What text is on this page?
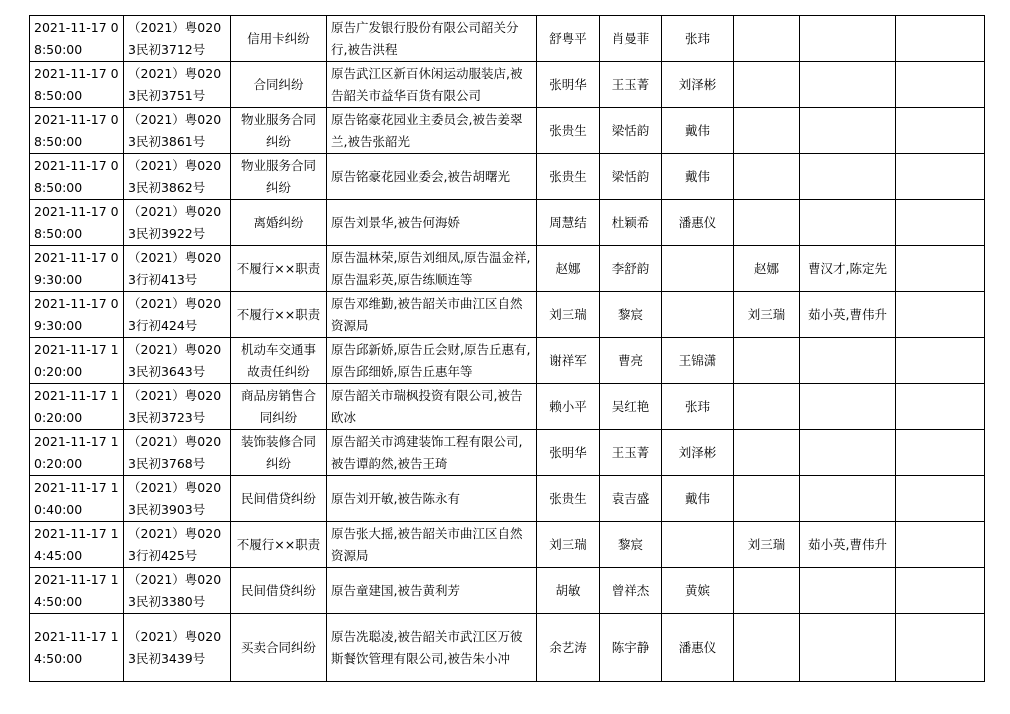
2021-11-17 08:50:00	（2021）粤0203民初3712号	信用卡纠纷	原告广发银行股份有限公司韶关分行,被告洪程	舒粤平	肖曼菲	张玮			
2021-11-17 08:50:00	（2021）粤0203民初3751号	合同纠纷	原告武江区新百休闲运动服装店,被告韶关市益华百货有限公司	张明华	王玉菁	刘泽彬			
2021-11-17 08:50:00	（2021）粤0203民初3861号	物业服务合同纠纷	原告铭豪花园业主委员会,被告姜翠兰,被告张韶光	张贵生	梁恬韵	戴伟			
2021-11-17 08:50:00	（2021）粤0203民初3862号	物业服务合同纠纷	原告铭豪花园业委会,被告胡曙光	张贵生	梁恬韵	戴伟			
2021-11-17 08:50:00	（2021）粤0203民初3922号	离婚纠纷	原告刘景华,被告何海娇	周慧结	杜颖希	潘惠仪			
2021-11-17 09:30:00	（2021）粤0203行初413号	不履行××职责	原告温林荣,原告刘细凤,原告温金祥,原告温彩英,原告练顺连等	赵娜	李舒韵		赵娜	曹汉才,陈定先	
2021-11-17 09:30:00	（2021）粤0203行初424号	不履行××职责	原告邓维勤,被告韶关市曲江区自然资源局	刘三瑞	黎宸		刘三瑞	茹小英,曹伟升	
2021-11-17 10:20:00	（2021）粤0203民初3643号	机动车交通事故责任纠纷	原告邱新娇,原告丘会财,原告丘惠有,原告邱细娇,原告丘惠年等	谢祥军	曹亮	王锦潇			
2021-11-17 10:20:00	（2021）粤0203民初3723号	商品房销售合同纠纷	原告韶关市瑞枫投资有限公司,被告欧冰	赖小平	吴红艳	张玮			
2021-11-17 10:20:00	（2021）粤0203民初3768号	装饰装修合同纠纷	原告韶关市鸿建装饰工程有限公司,被告谭韵然,被告王琦	张明华	王玉菁	刘泽彬			
2021-11-17 10:40:00	（2021）粤0203民初3903号	民间借贷纠纷	原告刘开敏,被告陈永有	张贵生	袁吉盛	戴伟			
2021-11-17 14:45:00	（2021）粤0203行初425号	不履行××职责	原告张大摇,被告韶关市曲江区自然资源局	刘三瑞	黎宸		刘三瑞	茹小英,曹伟升	
2021-11-17 14:50:00	（2021）粤0203民初3380号	民间借贷纠纷	原告童建国,被告黄利芳	胡敏	曾祥杰	黄嫔			
2021-11-17 14:50:00	（2021）粤0203民初3439号	买卖合同纠纷	原告冼聪凌,被告韶关市武江区万彼斯餐饮管理有限公司,被告朱小冲	余艺涛	陈宇静	潘惠仪			
